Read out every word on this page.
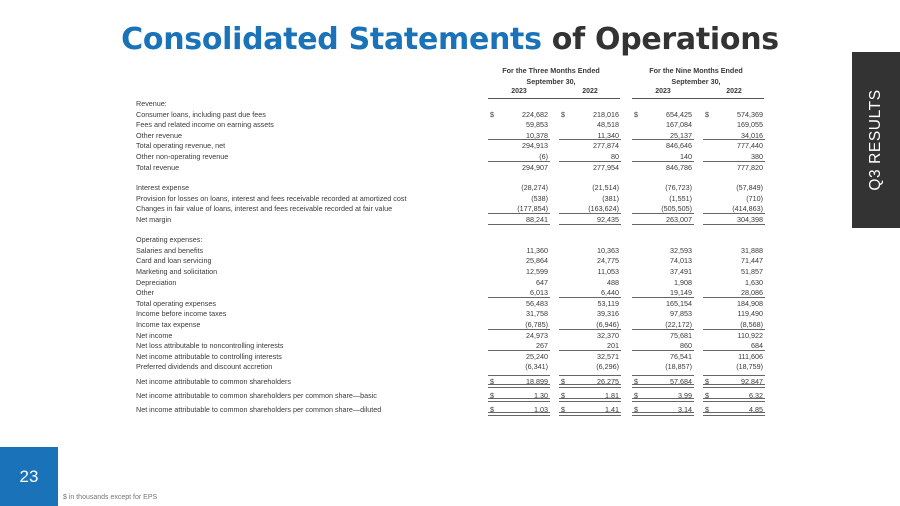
Consolidated Statements of Operations
Q3 RESULTS
23
$ in thousands except for EPS
For the Three Months Ended	For the Nine Months Ended
September 30,	September 30,
2023	2022	2023	2022
Revenue:
Consumer loans, including past due fees	$	224,682 $	218,016 $	654,425 $	574,369
Fees and related income on earning assets	59,853	48,518	167,084	169,055
Other revenue	10,378	11,340	25,137	34,016
Total operating revenue, net	294,913	277,874	846,646	777,440
Other non-operating revenue	(6)	80	140	380
Total revenue	294,907	277,954	846,786	777,820
Interest expense	(28,274)	(21,514)	(76,723)	(57,849)
Provision for losses on loans, interest and fees receivable recorded at amortized cost	(538)	(381)	(1,551)	(710)
Changes in fair value of loans, interest and fees receivable recorded at fair value	(177,854)	(163,624)	(505,505)	(414,863)
Net margin	88,241	92,435	263,007	304,398
Operating expenses:
Salaries and benefits	11,360	10,363	32,593	31,888
Card and loan servicing	25,864	24,775	74,013	71,447
Marketing and solicitation	12,599	11,053	37,491	51,857
Depreciation	647	488	1,908	1,630
Other	6,013	6,440	19,149	28,086
Total operating expenses	56,483	53,119	165,154	184,908
Income before income taxes	31,758	39,316	97,853	119,490
Income tax expense	(6,785)	(6,946)	(22,172)	(8,568)
Net income	24,973	32,370	75,681	110,922
Net loss attributable to noncontrolling interests	267	201	860	684
Net income attributable to controlling interests	25,240	32,571	76,541	111,606
Preferred dividends and discount accretion	(6,341)	(6,296)	(18,857)	(18,759)
Net income attributable to common shareholders	$	18,899 $	26,275 $	57,684 $	92,847
Net income attributable to common shareholders per common share—basic	$	1.30 $	1.81 $	3.99 $	6.32
Net income attributable to common shareholders per common share—diluted	$	1.03 $	1.41 $	3.14 $	4.85
